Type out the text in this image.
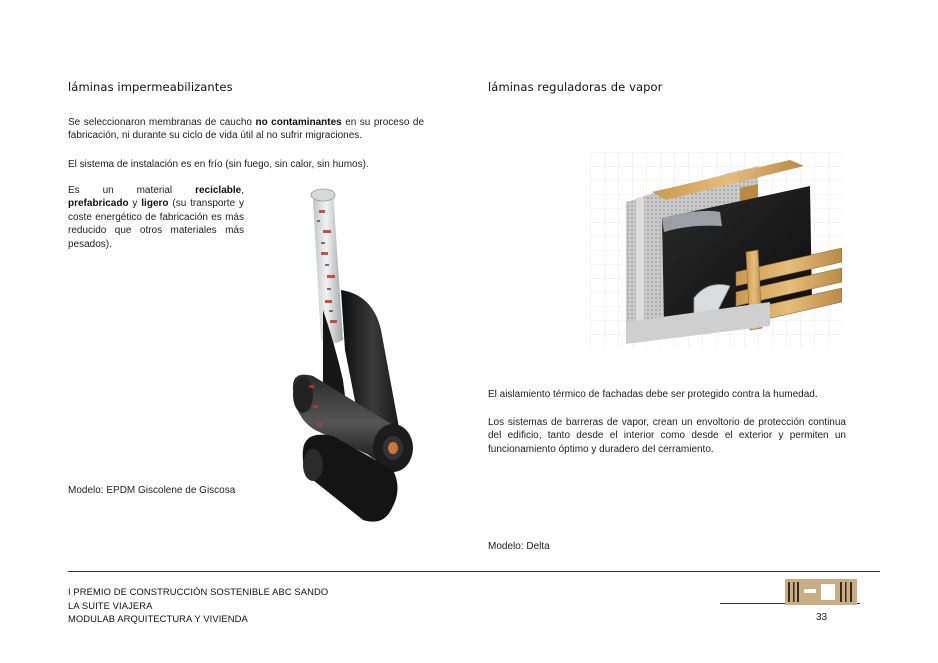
láminas impermeabilizantes

Se seleccionaron membranas de caucho no contaminantes en su proceso de fabricación, ni durante su ciclo de vida útil al no sufrir migraciones.

El sistema de instalación es en frío (sin fuego, sin calor, sin humos).

Es un material reciclable, prefabricado y ligero (su transporte y coste energético de fabricación es más reducido que otros materiales más pesados).

Modelo: EPDM Giscolene de Giscosa

láminas reguladoras de vapor

El aislamiento térmico de fachadas debe ser protegido contra la humedad.

Los sistemas de barreras de vapor, crean un envoltorio de protección continua del edificio, tanto desde el interior como desde el exterior y permiten un funcionamiento óptimo y duradero del cerramiento.

Modelo: Delta

I PREMIO DE CONSTRUCCIÓN SOSTENIBLE ABC SANDO
LA SUITE VIAJERA
MODULAB ARQUITECTURA Y VIVIENDA	33
